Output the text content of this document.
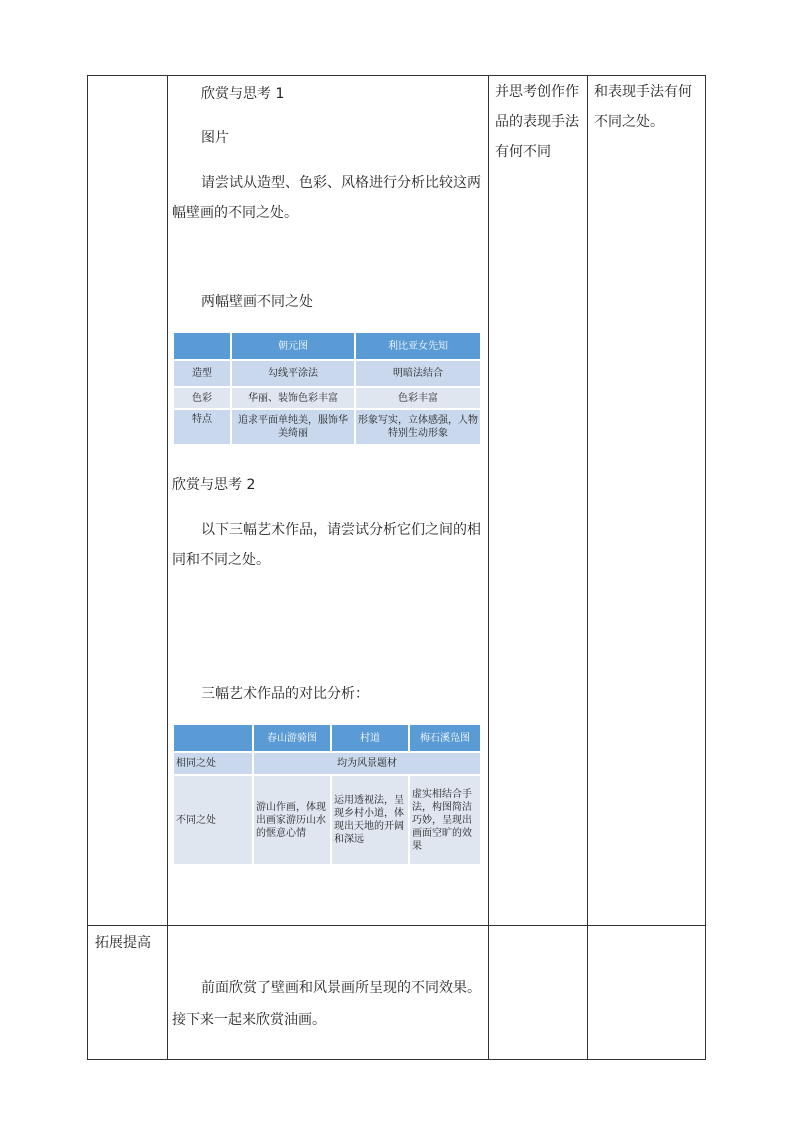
欣赏与思考 1
图片
请尝试从造型、色彩、风格进行分析比较这两
幅壁画的不同之处。
两幅壁画不同之处
	朝元图	利比亚女先知
造型	勾线平涂法	明暗法结合
色彩	华丽、装饰色彩丰富	色彩丰富
特点	追求平面单纯美，服饰华美绮丽	形象写实，立体感强，人物特别生动形象
欣赏与思考 2
以下三幅艺术作品，请尝试分析它们之间的相
同和不同之处。
三幅艺术作品的对比分析：
	春山游骑图	村道	梅石溪凫图
相同之处	均为风景题材		
不同之处	游山作画，体现出画家游历山水的惬意心情	运用透视法，呈现乡村小道，体现出天地的开阔和深远	虚实相结合手法，构图简洁巧妙，呈现出画面空旷的效果
并思考创作作
品的表现手法
有何不同
和表现手法有何
不同之处。
拓展提高
前面欣赏了壁画和风景画所呈现的不同效果。
接下来一起来欣赏油画。
